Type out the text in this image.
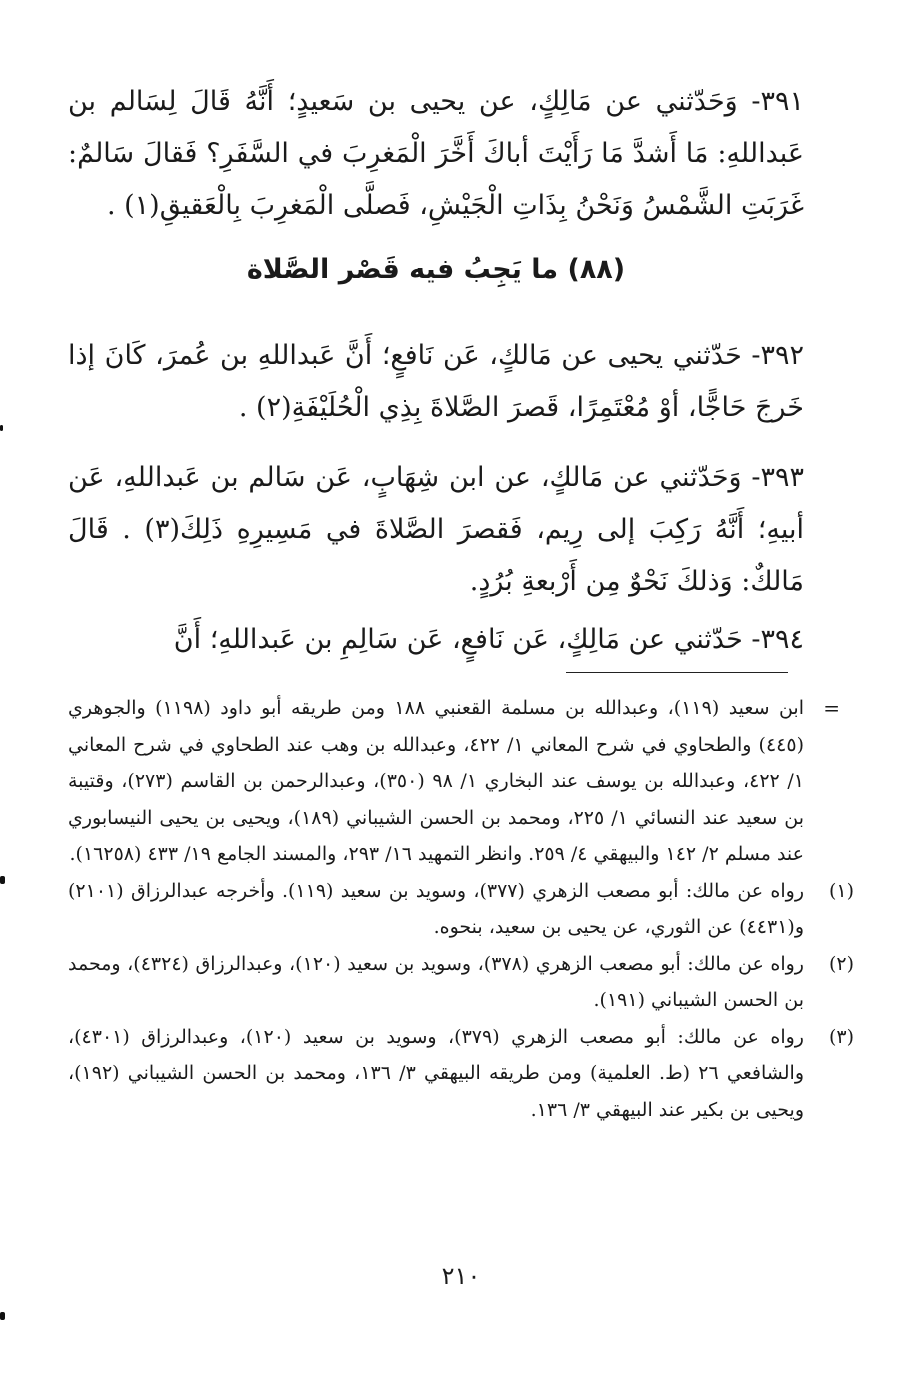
٣٩١- وَحَدّثني عن مَالِكٍ، عن يحيى بن سَعيدٍ؛ أَنَّهُ قَالَ لِسَالم بن عَبداللهِ: مَا أَشدَّ مَا رَأَيْتَ أباكَ أَخَّرَ الْمَغرِبَ في السَّفَرِ؟ فَقالَ سَالمٌ: غَرَبَتِ الشَّمْسُ وَنَحْنُ بِذَاتِ الْجَيْشِ، فَصلَّى الْمَغرِبَ بِالْعَقيقِ(١) .

(٨٨) ما يَجِبُ فيه قَصْر الصَّلاة

٣٩٢- حَدّثني يحيى عن مَالكٍ، عَن نَافعٍ؛ أَنَّ عَبداللهِ بن عُمرَ، كَانَ إذا خَرجَ حَاجًّا، أوْ مُعْتَمِرًا، قَصرَ الصَّلاةَ بِذِي الْحُلَيْفَةِ(٢) .

٣٩٣- وَحَدّثني عن مَالكٍ، عن ابن شِهَابٍ، عَن سَالم بن عَبداللهِ، عَن أبيهِ؛ أَنَّهُ رَكِبَ إلى رِيم، فَقصرَ الصَّلاةَ في مَسِيرِهِ ذَلِكَ(٣) . قَالَ مَالكٌ: وَذلكَ نَحْوٌ مِن أَرْبعةِ بُرُدٍ.

٣٩٤- حَدّثني عن مَالِكٍ، عَن نَافعٍ، عَن سَالِمِ بن عَبداللهِ؛ أَنَّ

=
ابن سعيد (١١٩)، وعبدالله بن مسلمة القعنبي ١٨٨ ومن طريقه أبو داود (١١٩٨) والجوهري (٤٤٥) والطحاوي في شرح المعاني ١/ ٤٢٢، وعبدالله بن وهب عند الطحاوي في شرح المعاني ١/ ٤٢٢، وعبدالله بن يوسف عند البخاري ١/ ٩٨ (٣٥٠)، وعبدالرحمن بن القاسم (٢٧٣)، وقتيبة بن سعيد عند النسائي ١/ ٢٢٥، ومحمد بن الحسن الشيباني (١٨٩)، ويحيى بن يحيى النيسابوري عند مسلم ٢/ ١٤٢ والبيهقي ٤/ ٢٥٩. وانظر التمهيد ١٦/ ٢٩٣، والمسند الجامع ١٩/ ٤٣٣ (١٦٢٥٨).
(١)
رواه عن مالك: أبو مصعب الزهري (٣٧٧)، وسويد بن سعيد (١١٩). وأخرجه عبدالرزاق (٢١٠١) و(٤٤٣١) عن الثوري، عن يحيى بن سعيد، بنحوه.
(٢)
رواه عن مالك: أبو مصعب الزهري (٣٧٨)، وسويد بن سعيد (١٢٠)، وعبدالرزاق (٤٣٢٤)، ومحمد بن الحسن الشيباني (١٩١).
(٣)
رواه عن مالك: أبو مصعب الزهري (٣٧٩)، وسويد بن سعيد (١٢٠)، وعبدالرزاق (٤٣٠١)، والشافعي ٢٦ (ط. العلمية) ومن طريقه البيهقي ٣/ ١٣٦، ومحمد بن الحسن الشيباني (١٩٢)، ويحيى بن بكير عند البيهقي ٣/ ١٣٦.
٢١٠
